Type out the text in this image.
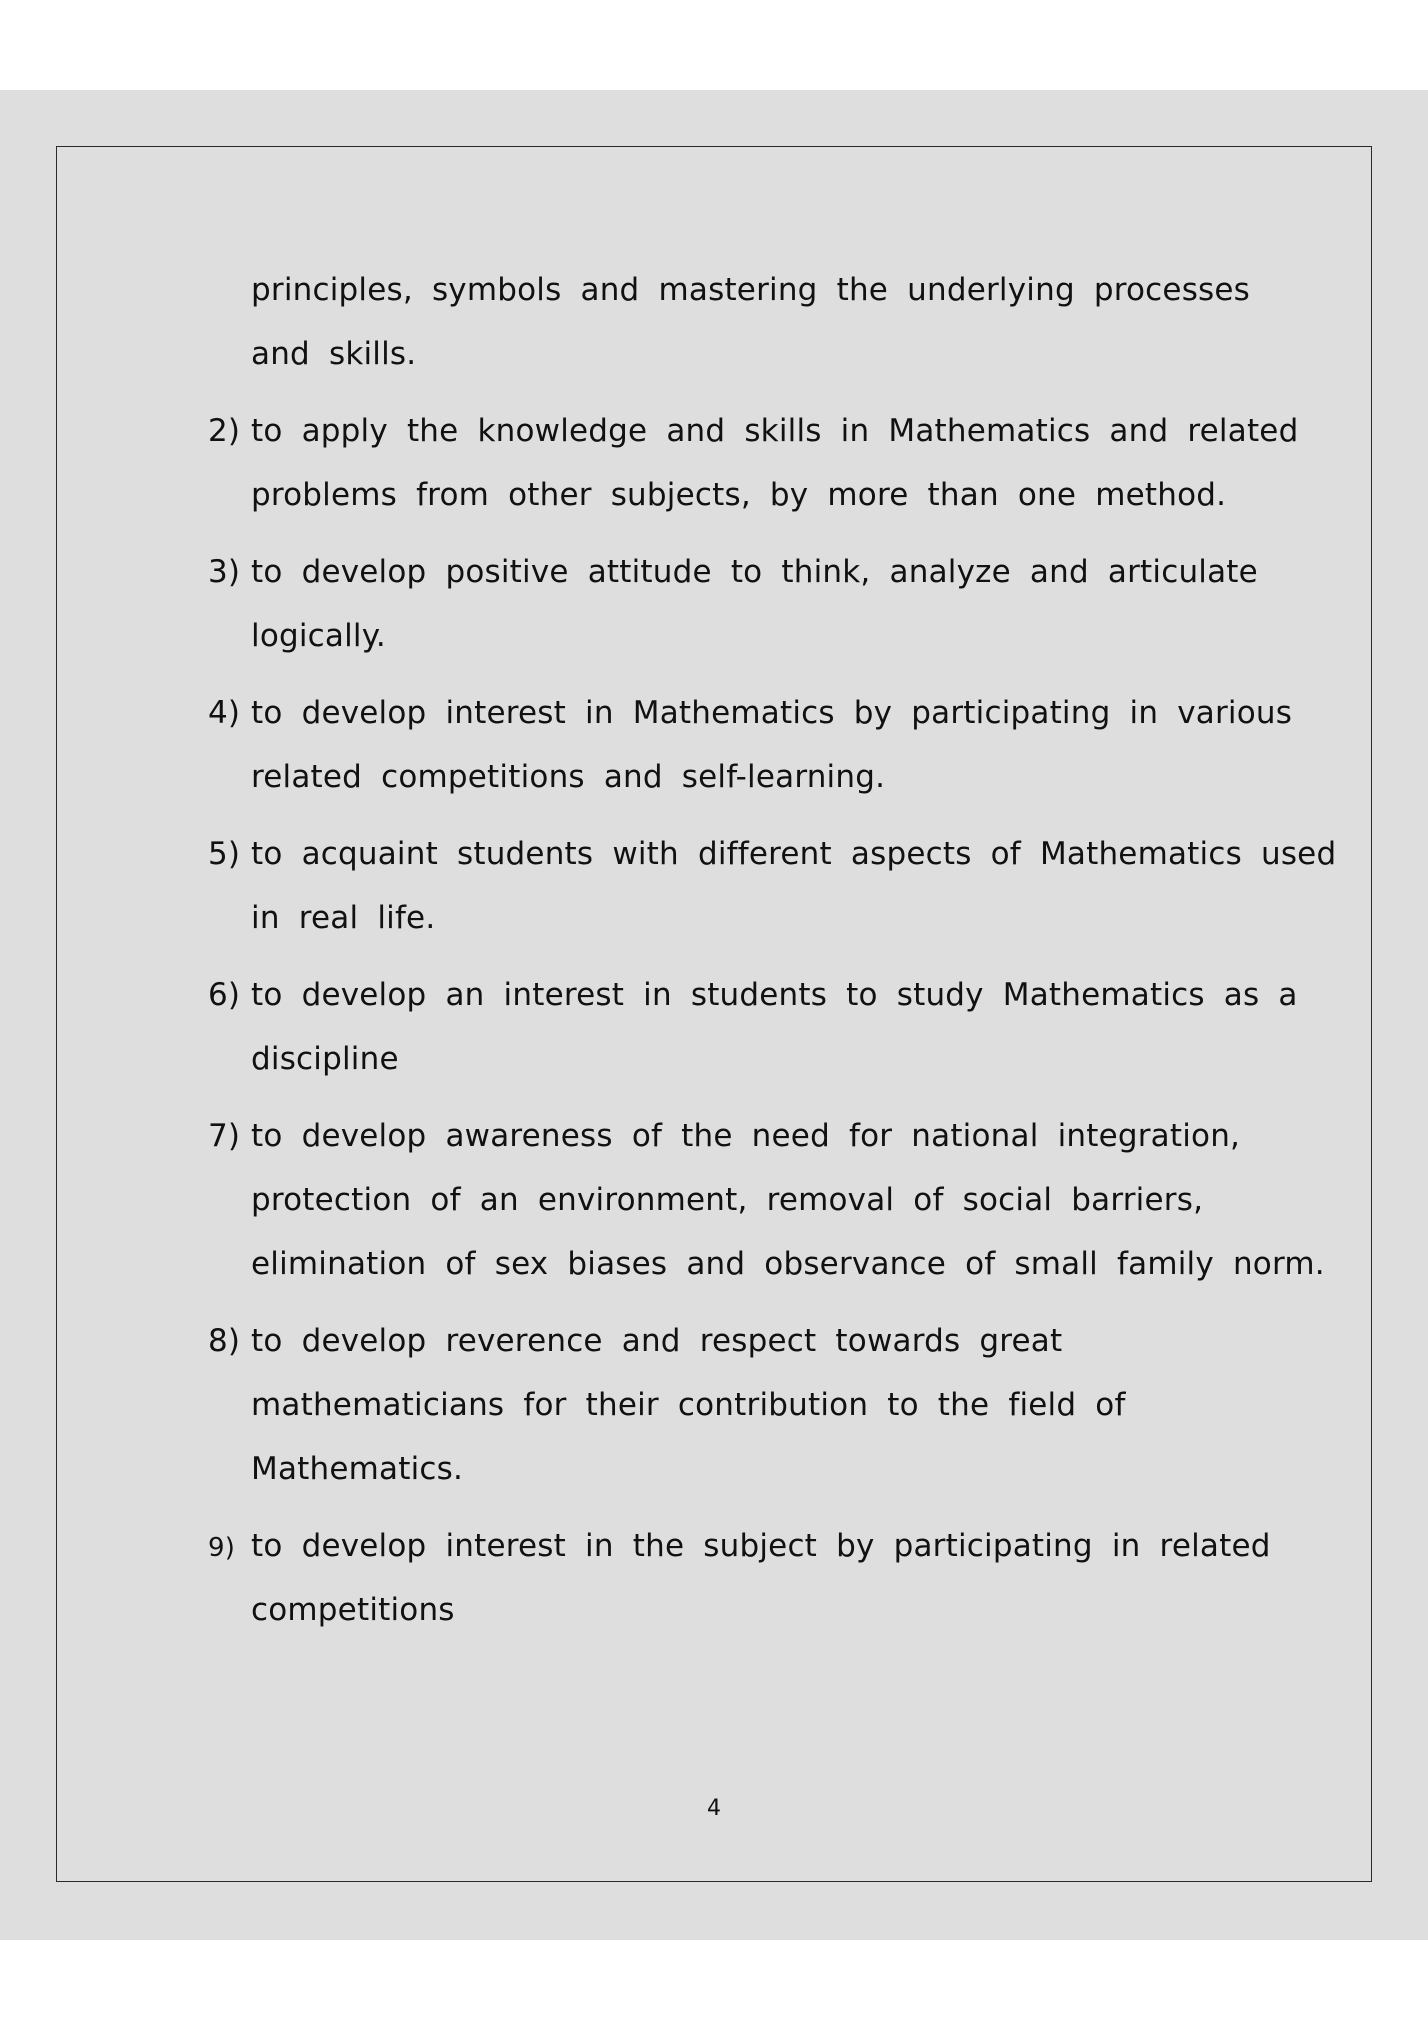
principles, symbols and mastering the underlying processes
and skills.
2) to apply the knowledge and skills in Mathematics and related
problems from other subjects, by more than one method.
3) to develop positive attitude to think, analyze and articulate
logically.
4) to develop interest in Mathematics by participating in various
related competitions and self-learning.
5) to acquaint students with different aspects of Mathematics used
in real life.
6) to develop an interest in students to study Mathematics as a
discipline
7) to develop awareness of the need for national integration,
protection of an environment, removal of social barriers,
elimination of sex biases and observance of small family norm.
8) to develop reverence and respect towards great
mathematicians for their contribution to the field of
Mathematics.
9) to develop interest in the subject by participating in related
competitions
4
